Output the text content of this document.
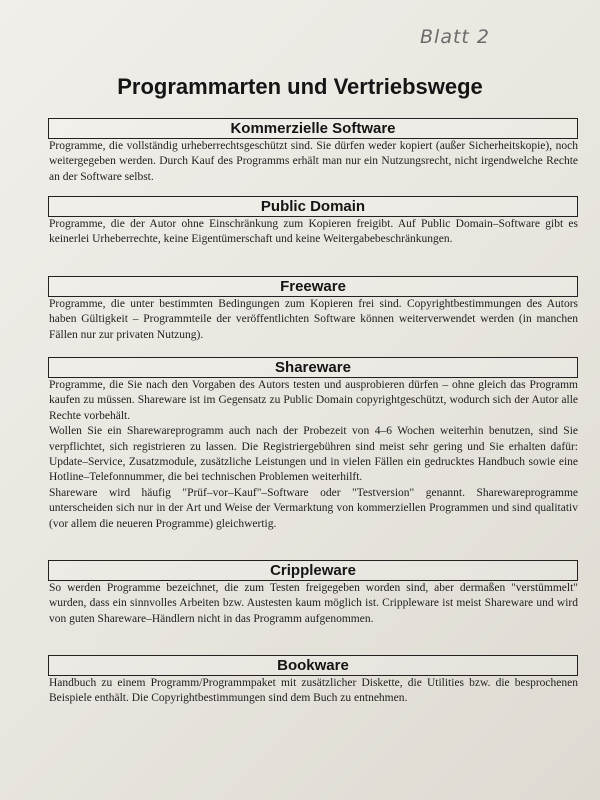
Blatt 2
Programmarten und Vertriebswege
Kommerzielle Software

Programme, die vollständig urheberrechtsgeschützt sind. Sie dürfen weder kopiert (außer Sicherheitskopie), noch weitergegeben werden. Durch Kauf des Programms erhält man nur ein Nutzungsrecht, nicht irgendwelche Rechte an der Software selbst.

Public Domain

Programme, die der Autor ohne Einschränkung zum Kopieren freigibt. Auf Public Domain–Software gibt es keinerlei Urheberrechte, keine Eigentümerschaft und keine Weitergabebeschränkungen.

Freeware

Programme, die unter bestimmten Bedingungen zum Kopieren frei sind. Copyrightbestimmungen des Autors haben Gültigkeit – Programmteile der veröffentlichten Software können weiterverwendet werden (in manchen Fällen nur zur privaten Nutzung).

Shareware

Programme, die Sie nach den Vorgaben des Autors testen und ausprobieren dürfen – ohne gleich das Programm kaufen zu müssen. Shareware ist im Gegensatz zu Public Domain copyrightgeschützt, wodurch sich der Autor alle Rechte vorbehält.

Wollen Sie ein Sharewareprogramm auch nach der Probezeit von 4–6 Wochen weiterhin benutzen, sind Sie verpflichtet, sich registrieren zu lassen. Die Registriergebühren sind meist sehr gering und Sie erhalten dafür: Update–Service, Zusatzmodule, zusätzliche Leistungen und in vielen Fällen ein gedrucktes Handbuch sowie eine Hotline–Telefonnummer, die bei technischen Problemen weiterhilft.

Shareware wird häufig "Prüf–vor–Kauf"–Software oder "Testversion" genannt. Sharewareprogramme unterscheiden sich nur in der Art und Weise der Vermarktung von kommerziellen Programmen und sind qualitativ (vor allem die neueren Programme) gleichwertig.

Crippleware

So werden Programme bezeichnet, die zum Testen freigegeben worden sind, aber dermaßen "verstümmelt" wurden, dass ein sinnvolles Arbeiten bzw. Austesten kaum möglich ist. Crippleware ist meist Shareware und wird von guten Shareware–Händlern nicht in das Programm aufgenommen.

Bookware

Handbuch zu einem Programm/Programmpaket mit zusätzlicher Diskette, die Utilities bzw. die besprochenen Beispiele enthält. Die Copyrightbestimmungen sind dem Buch zu entnehmen.
